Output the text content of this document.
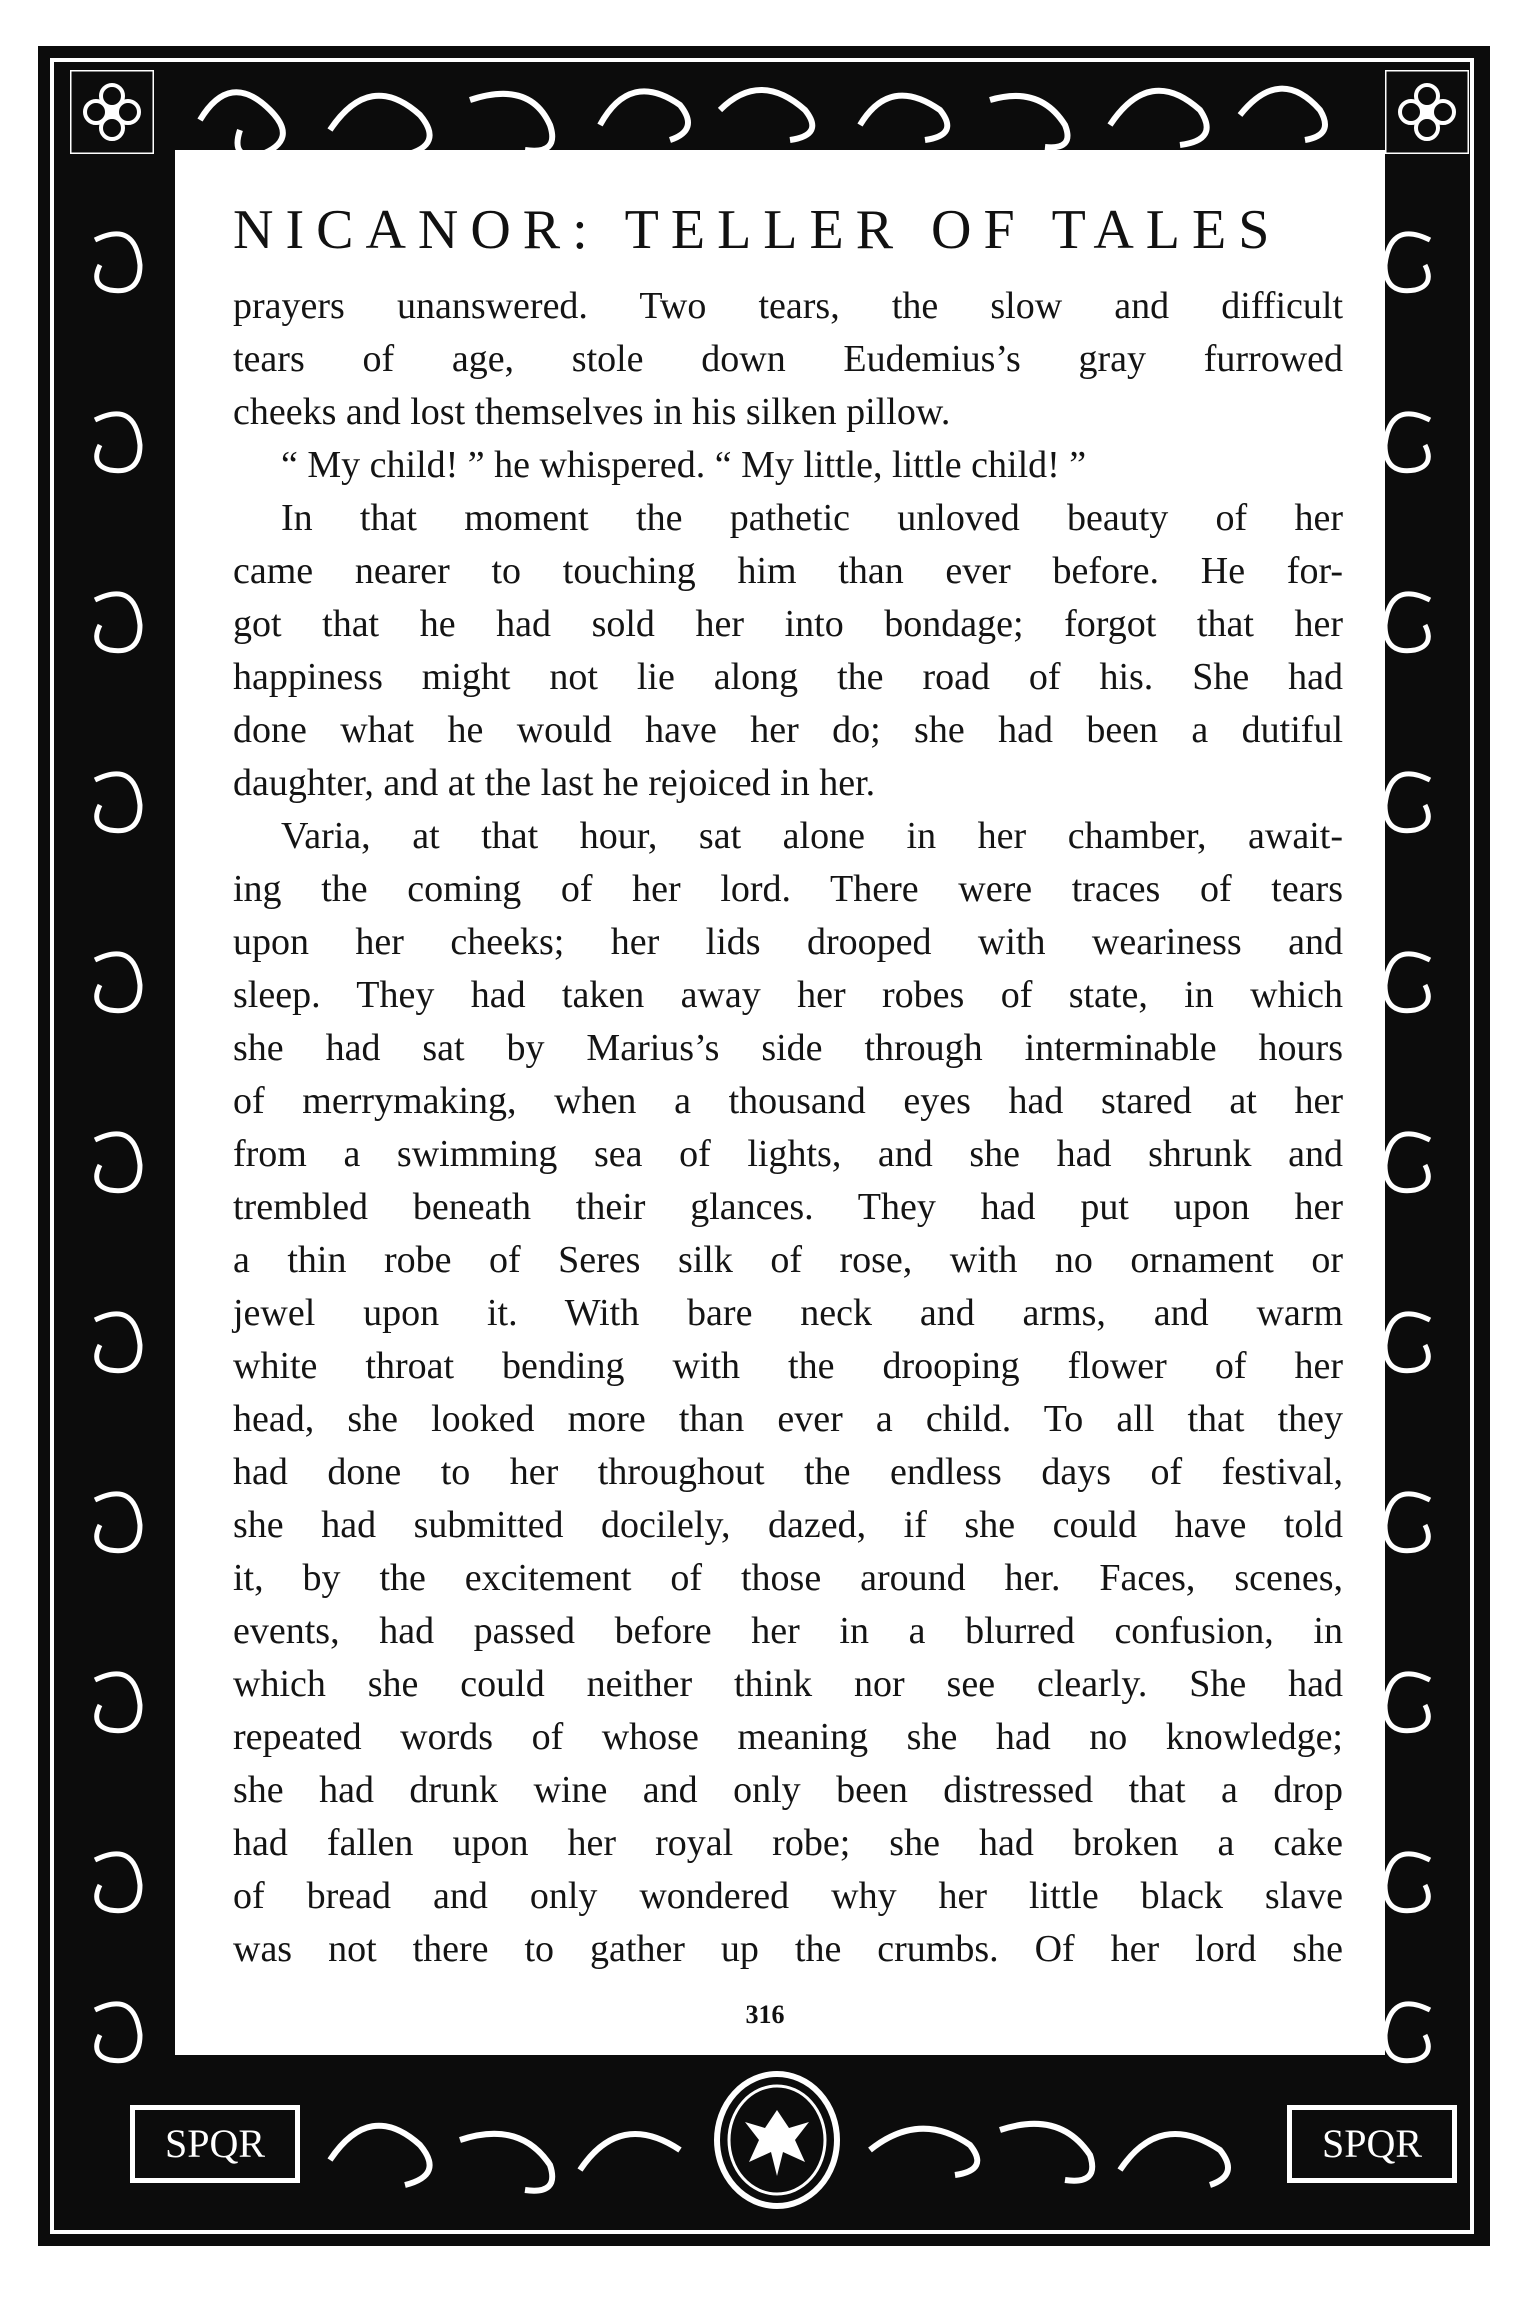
SPQR	SPQR
NICANOR: TELLER OF TALES
prayers unanswered. Two tears, the slow and difficult
tears of age, stole down Eudemius’s gray furrowed
cheeks and lost themselves in his silken pillow.
“ My child! ” he whispered. “ My little, little child! ”
In that moment the pathetic unloved beauty of her
came nearer to touching him than ever before. He for-
got that he had sold her into bondage; forgot that her
happiness might not lie along the road of his. She had
done what he would have her do; she had been a dutiful
daughter, and at the last he rejoiced in her.
Varia, at that hour, sat alone in her chamber, await-
ing the coming of her lord. There were traces of tears
upon her cheeks; her lids drooped with weariness and
sleep. They had taken away her robes of state, in which
she had sat by Marius’s side through interminable hours
of merrymaking, when a thousand eyes had stared at her
from a swimming sea of lights, and she had shrunk and
trembled beneath their glances. They had put upon her
a thin robe of Seres silk of rose, with no ornament or
jewel upon it. With bare neck and arms, and warm
white throat bending with the drooping flower of her
head, she looked more than ever a child. To all that they
had done to her throughout the endless days of festival,
she had submitted docilely, dazed, if she could have told
it, by the excitement of those around her. Faces, scenes,
events, had passed before her in a blurred confusion, in
which she could neither think nor see clearly. She had
repeated words of whose meaning she had no knowledge;
she had drunk wine and only been distressed that a drop
had fallen upon her royal robe; she had broken a cake
of bread and only wondered why her little black slave
was not there to gather up the crumbs. Of her lord she
316
